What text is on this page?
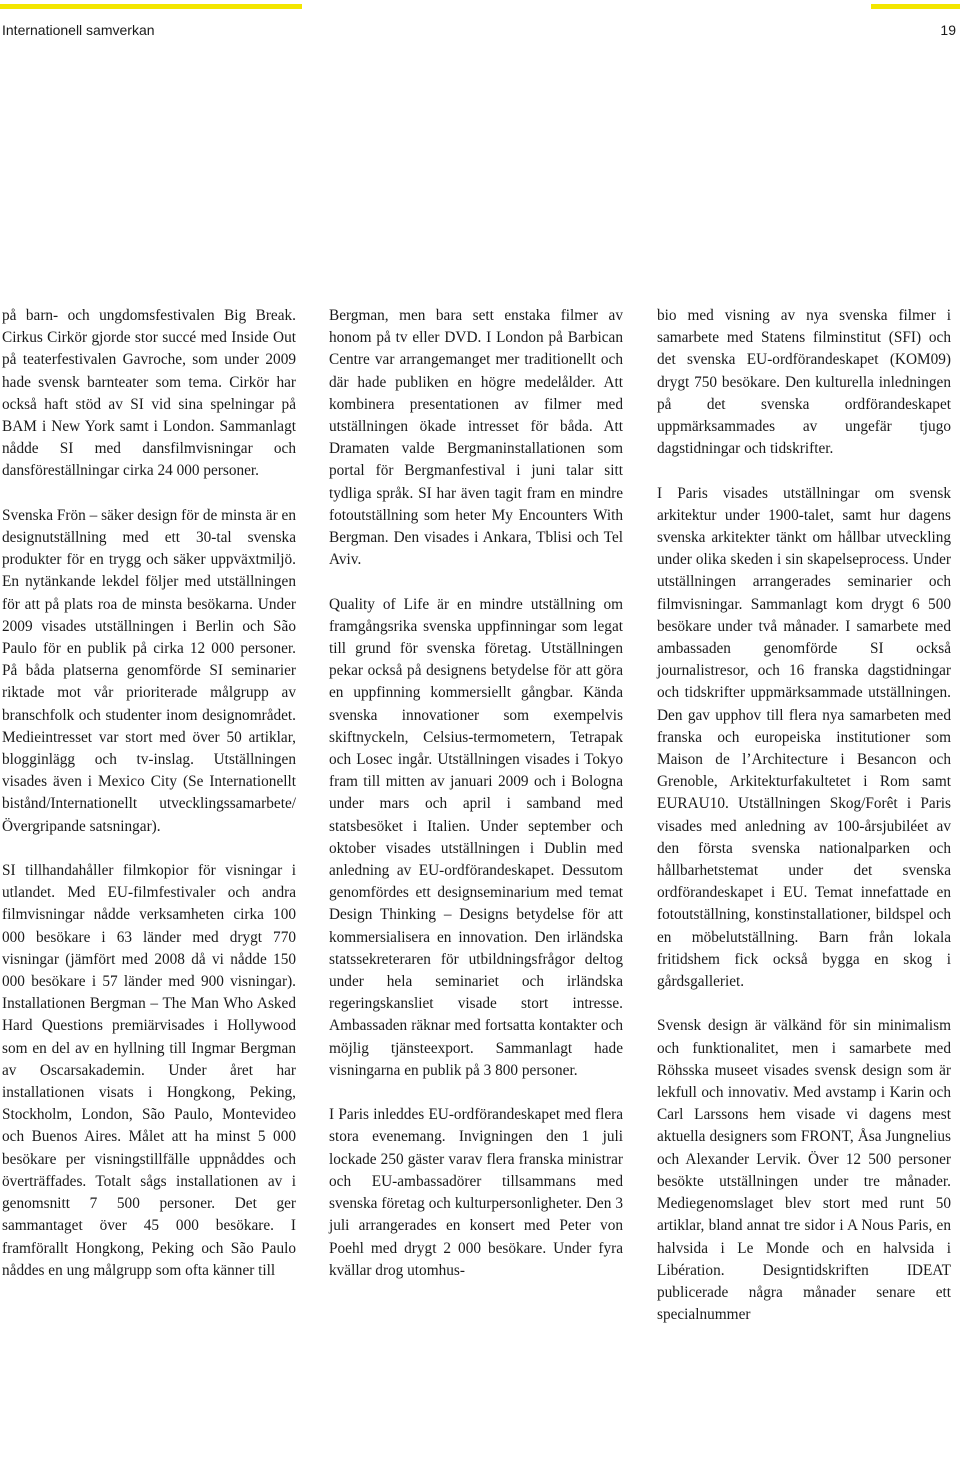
Internationell samverkan	19

på barn- och ungdomsfestivalen Big Break. Cirkus Cirkör gjorde stor succé med Inside Out på teaterfestivalen Gavroche, som under 2009 hade svensk barnteater som tema. Cirkör har också haft stöd av SI vid sina spelningar på BAM i New York samt i London. Sammanlagt nådde SI med dansfilmvisningar och dansföreställningar cirka 24 000 personer.

Svenska Frön – säker design för de minsta är en designutställning med ett 30-tal svenska produkter för en trygg och säker uppväxtmiljö. En nytänkande lekdel följer med utställningen för att på plats roa de minsta besökarna. Under 2009 visades utställningen i Berlin och São Paulo för en publik på cirka 12 000 personer. På båda platserna genomförde SI seminarier riktade mot vår prioriterade målgrupp av branschfolk och studenter inom designområdet. Medieintresset var stort med över 50 artiklar, blogginlägg och tv-inslag. Utställningen visades även i Mexico City (Se Internationellt bistånd/Internationellt utvecklingssamarbete/Övergripande satsningar).

SI tillhandahåller filmkopior för visningar i utlandet. Med EU-filmfestivaler och andra filmvisningar nådde verksamheten cirka 100 000 besökare i 63 länder med drygt 770 visningar (jämfört med 2008 då vi nådde 150 000 besökare i 57 länder med 900 visningar). Installationen Bergman – The Man Who Asked Hard Questions premiärvisades i Hollywood som en del av en hyllning till Ingmar Bergman av Oscarsakademin. Under året har installationen visats i Hongkong, Peking, Stockholm, London, São Paulo, Montevideo och Buenos Aires. Målet att ha minst 5 000 besökare per visningstillfälle uppnåddes och överträffades. Totalt sågs installationen av i genomsnitt 7 500 personer. Det ger sammantaget över 45 000 besökare. I framförallt Hongkong, Peking och São Paulo nåddes en ung målgrupp som ofta känner till

Bergman, men bara sett enstaka filmer av honom på tv eller DVD. I London på Barbican Centre var arrangemanget mer traditionellt och där hade publiken en högre medelålder. Att kombinera presentationen av filmer med utställningen ökade intresset för båda. Att Dramaten valde Bergmaninstallationen som portal för Bergmanfestival i juni talar sitt tydliga språk. SI har även tagit fram en mindre fotoutställning som heter My Encounters With Bergman. Den visades i Ankara, Tblisi och Tel Aviv.

Quality of Life är en mindre utställning om framgångsrika svenska uppfinningar som legat till grund för svenska företag. Utställningen pekar också på designens betydelse för att göra en uppfinning kommersiellt gångbar. Kända svenska innovationer som exempelvis skiftnyckeln, Celsius-termometern, Tetrapak och Losec ingår. Utställningen visades i Tokyo fram till mitten av januari 2009 och i Bologna under mars och april i samband med statsbesöket i Italien. Under september och oktober visades utställningen i Dublin med anledning av EU-ordförandeskapet. Dessutom genomfördes ett designseminarium med temat Design Thinking – Designs betydelse för att kommersialisera en innovation. Den irländska statssekreteraren för utbildningsfrågor deltog under hela seminariet och irländska regeringskansliet visade stort intresse. Ambassaden räknar med fortsatta kontakter och möjlig tjänsteexport. Sammanlagt hade visningarna en publik på 3 800 personer.

I Paris inleddes EU-ordförandeskapet med flera stora evenemang. Invigningen den 1 juli lockade 250 gäster varav flera franska ministrar och EU-ambassadörer tillsammans med svenska företag och kulturpersonligheter. Den 3 juli arrangerades en konsert med Peter von Poehl med drygt 2 000 besökare. Under fyra kvällar drog utomhus-

bio med visning av nya svenska filmer i samarbete med Statens filminstitut (SFI) och det svenska EU-ordförandeskapet (KOM09) drygt 750 besökare. Den kulturella inledningen på det svenska ordförandeskapet uppmärksammades av ungefär tjugo dagstidningar och tidskrifter.

I Paris visades utställningar om svensk arkitektur under 1900-talet, samt hur dagens svenska arkitekter tänkt om hållbar utveckling under olika skeden i sin skapelseprocess. Under utställningen arrangerades seminarier och filmvisningar. Sammanlagt kom drygt 6 500 besökare under två månader. I samarbete med ambassaden genomförde SI också journalistresor, och 16 franska dagstidningar och tidskrifter uppmärksammade utställningen. Den gav upphov till flera nya samarbeten med franska och europeiska institutioner som Maison de l’Architecture i Besancon och Grenoble, Arkitekturfakultetet i Rom samt EURAU10. Utställningen Skog/Forêt i Paris visades med anledning av 100-årsjubiléet av den första svenska nationalparken och hållbarhetstemat under det svenska ordförandeskapet i EU. Temat innefattade en fotoutställning, konstinstallationer, bildspel och en möbelutställning. Barn från lokala fritidshem fick också bygga en skog i gårdsgalleriet.

Svensk design är välkänd för sin minimalism och funktionalitet, men i samarbete med Röhsska museet visades svensk design som är lekfull och innovativ. Med avstamp i Karin och Carl Larssons hem visade vi dagens mest aktuella designers som FRONT, Åsa Jungnelius och Alexander Lervik. Över 12 500 personer besökte utställningen under tre månader. Mediegenomslaget blev stort med runt 50 artiklar, bland annat tre sidor i A Nous Paris, en halvsida i Le Monde och en halvsida i Libération. Designtidskriften IDEAT publicerade några månader senare ett specialnummer
